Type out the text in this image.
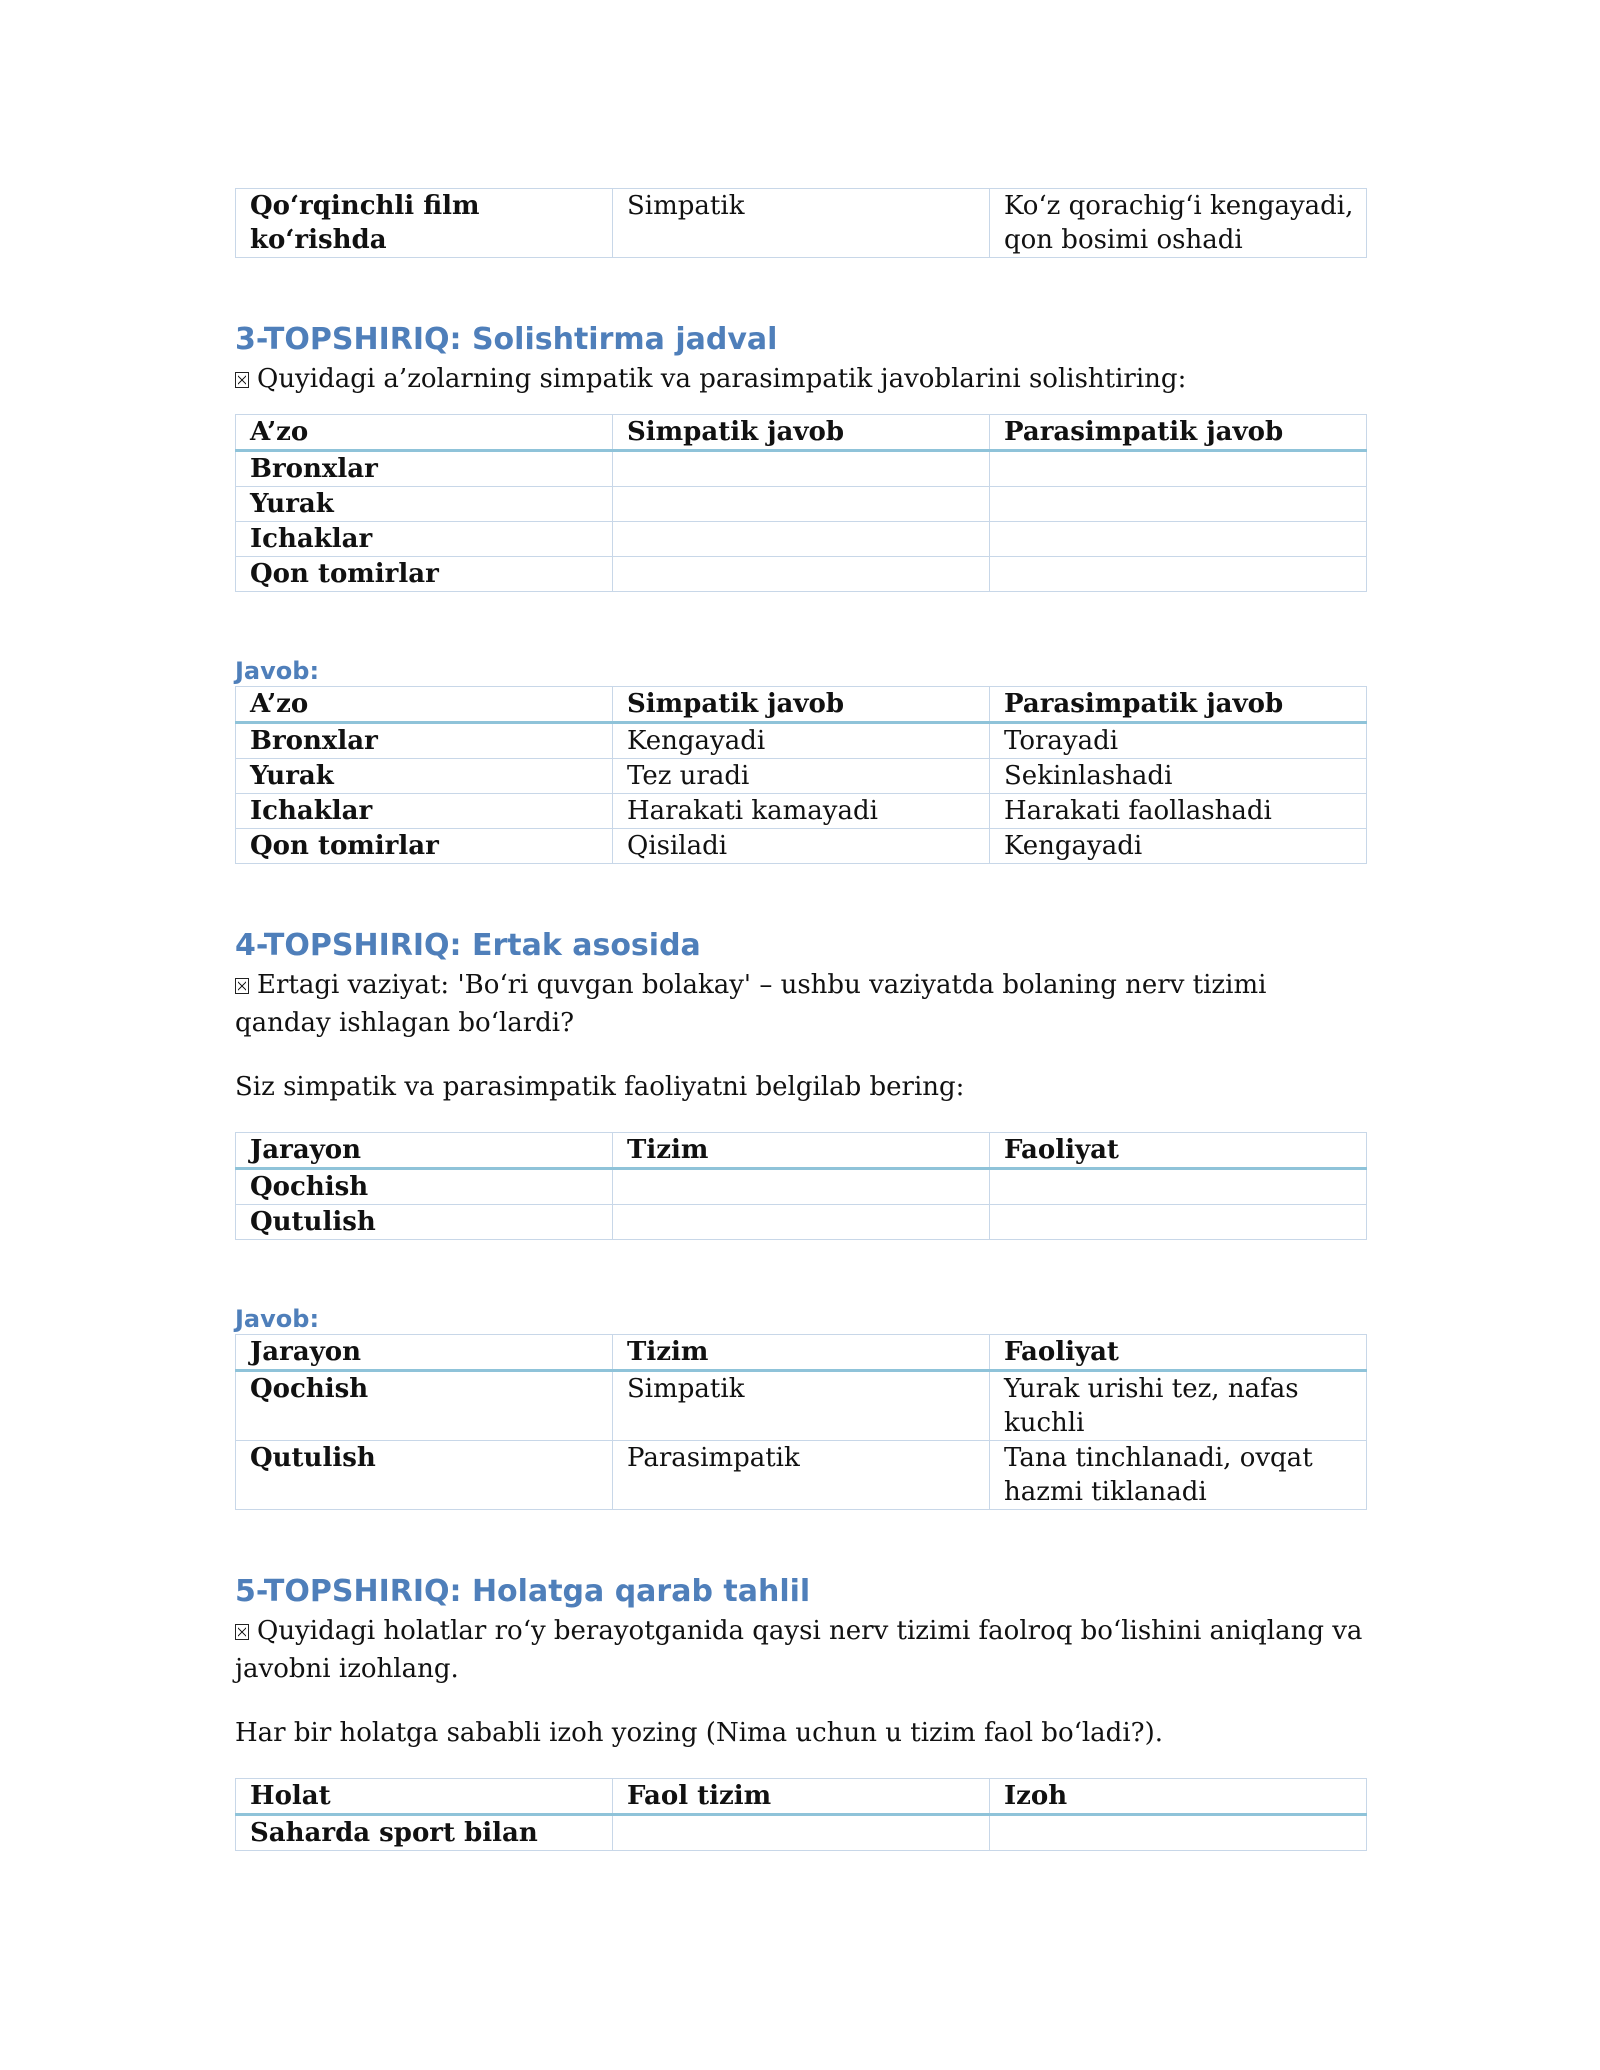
Qo‘rqinchli film ko‘rishda	Simpatik	Ko‘z qorachig‘i kengayadi, qon bosimi oshadi
3-TOPSHIRIQ: Solishtirma jadval

Quyidagi a’zolarning simpatik va parasimpatik javoblarini solishtiring:

A’zo	Simpatik javob	Parasimpatik javob
Bronxlar		
Yurak		
Ichaklar		
Qon tomirlar		
Javob:
A’zo	Simpatik javob	Parasimpatik javob
Bronxlar	Kengayadi	Torayadi
Yurak	Tez uradi	Sekinlashadi
Ichaklar	Harakati kamayadi	Harakati faollashadi
Qon tomirlar	Qisiladi	Kengayadi
4-TOPSHIRIQ: Ertak asosida

Ertagi vaziyat: 'Bo‘ri quvgan bolakay' – ushbu vaziyatda bolaning nerv tizimi qanday ishlagan bo‘lardi?

Siz simpatik va parasimpatik faoliyatni belgilab bering:

Jarayon	Tizim	Faoliyat
Qochish		
Qutulish		
Javob:
Jarayon	Tizim	Faoliyat
Qochish	Simpatik	Yurak urishi tez, nafas kuchli
Qutulish	Parasimpatik	Tana tinchlanadi, ovqat hazmi tiklanadi
5-TOPSHIRIQ: Holatga qarab tahlil

Quyidagi holatlar ro‘y berayotganida qaysi nerv tizimi faolroq bo‘lishini aniqlang va javobni izohlang.

Har bir holatga sababli izoh yozing (Nima uchun u tizim faol bo‘ladi?).

Holat	Faol tizim	Izoh
Saharda sport bilan		
